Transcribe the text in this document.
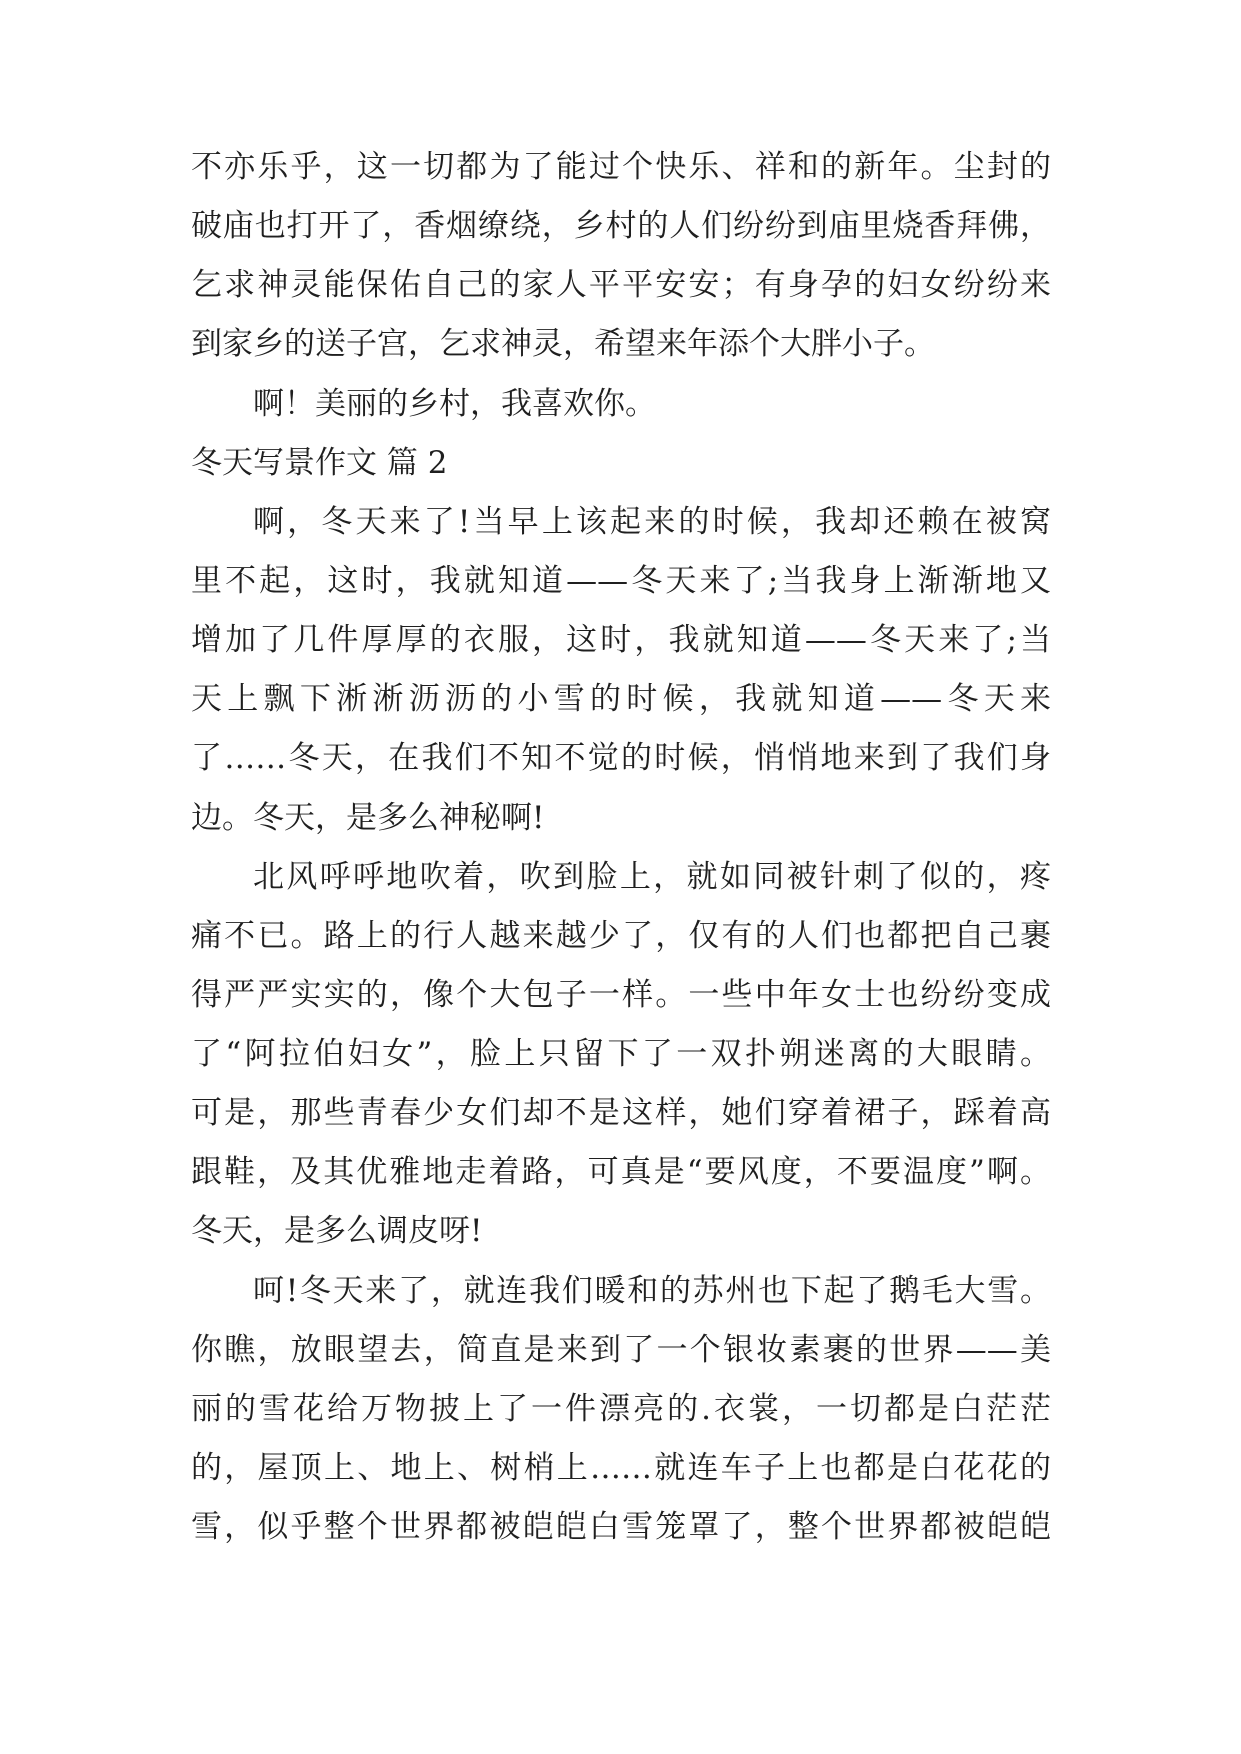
不亦乐乎，这一切都为了能过个快乐、祥和的新年。尘封的
破庙也打开了，香烟缭绕，乡村的人们纷纷到庙里烧香拜佛，
乞求神灵能保佑自己的家人平平安安；有身孕的妇女纷纷来
到家乡的送子宫，乞求神灵，希望来年添个大胖小子。
啊！美丽的乡村，我喜欢你。
冬天写景作文 篇 2
啊，冬天来了!当早上该起来的时候，我却还赖在被窝
里不起，这时，我就知道——冬天来了;当我身上渐渐地又
增加了几件厚厚的衣服，这时，我就知道——冬天来了;当
天上飘下淅淅沥沥的小雪的时候，我就知道——冬天来
了……冬天，在我们不知不觉的时候，悄悄地来到了我们身
边。冬天，是多么神秘啊!
北风呼呼地吹着，吹到脸上，就如同被针刺了似的，疼
痛不已。路上的行人越来越少了，仅有的人们也都把自己裹
得严严实实的，像个大包子一样。一些中年女士也纷纷变成
了“阿拉伯妇女”，脸上只留下了一双扑朔迷离的大眼睛。
可是，那些青春少女们却不是这样，她们穿着裙子，踩着高
跟鞋，及其优雅地走着路，可真是“要风度，不要温度”啊。
冬天，是多么调皮呀!
呵!冬天来了，就连我们暖和的苏州也下起了鹅毛大雪。
你瞧，放眼望去，简直是来到了一个银妆素裹的世界——美
丽的雪花给万物披上了一件漂亮的.衣裳，一切都是白茫茫
的，屋顶上、地上、树梢上……就连车子上也都是白花花的
雪，似乎整个世界都被皑皑白雪笼罩了，整个世界都被皑皑
